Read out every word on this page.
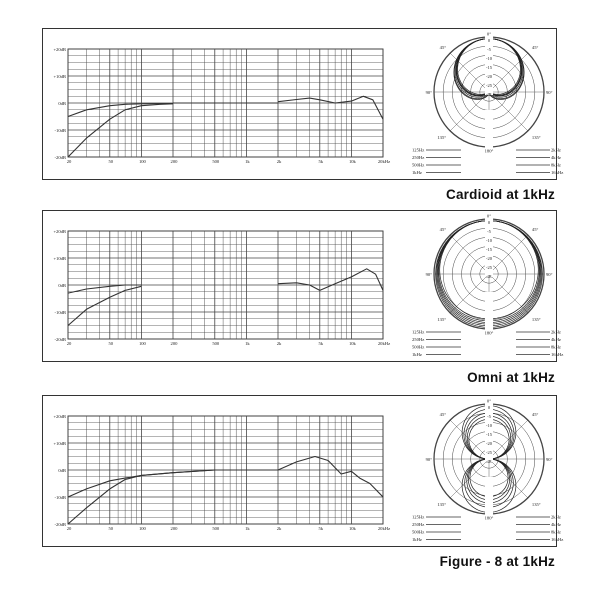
+20dB
+10dB
0dB
-10dB
-20dB
20	50	100	200	500	1k	2k	5k	10k	20kHz
0
-5
-10
-15
-20
-25
dB
0°
45°	45°
90°	90°
135°	135°
180°
125Hz
250Hz
500Hz
1kHz
2kHz
4kHz
8kHz
16kHz
Cardioid at 1kHz
+20dB
+10dB
0dB
-10dB
-20dB
20	50	100	200	500	1k	2k	5k	10k	20kHz
0
-5
-10
-15
-20
-25
dB
0°
45°	45°
90°	90°
135°	135°
180°
125Hz
250Hz
500Hz
1kHz
2kHz
4kHz
8kHz
16kHz
Omni at 1kHz
+20dB
+10dB
0dB
-10dB
-20dB
20	50	100	200	500	1k	2k	5k	10k	20kHz
0
-5
-10
-15
-20
-25
dB
0°
45°	45°
90°	90°
135°	135°
180°
125Hz
250Hz
500Hz
1kHz
2kHz
4kHz
8kHz
16kHz
Figure - 8 at 1kHz
